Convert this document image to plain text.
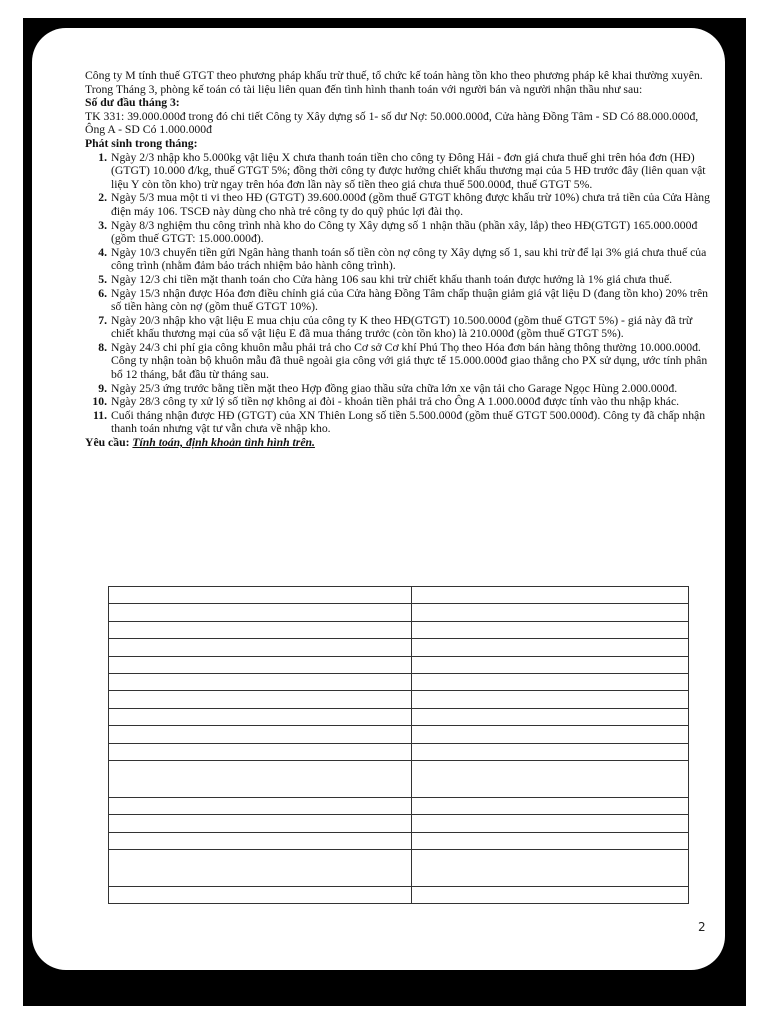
Công ty M tính thuế GTGT theo phương pháp khấu trừ thuế, tổ chức kế toán hàng tồn kho theo phương pháp kê khai thường xuyên.

Trong Tháng 3, phòng kế toán có tài liệu liên quan đến tình hình thanh toán với người bán và người nhận thầu như sau:

Số dư đầu tháng 3:

TK 331: 39.000.000đ trong đó chi tiết Công ty Xây dựng số 1- số dư Nợ: 50.000.000đ, Cửa hàng Đồng Tâm - SD Có 88.000.000đ, Ông A - SD Có 1.000.000đ

Phát sinh trong tháng:

1. Ngày 2/3 nhập kho 5.000kg vật liệu X chưa thanh toán tiền cho công ty Đông Hải - đơn giá chưa thuế ghi trên hóa đơn (HĐ) (GTGT) 10.000 đ/kg, thuế GTGT 5%; đồng thời công ty được hưởng chiết khấu thương mại của 5 HĐ trước đây (liên quan vật liệu Y còn tồn kho) trừ ngay trên hóa đơn lần này số tiền theo giá chưa thuế 500.000đ, thuế GTGT 5%.
2. Ngày 5/3 mua một ti vi theo HĐ (GTGT) 39.600.000đ (gồm thuế GTGT không được khấu trừ 10%) chưa trả tiền của Cửa Hàng điện máy 106. TSCĐ này dùng cho nhà trẻ công ty do quỹ phúc lợi đài thọ.
3. Ngày 8/3 nghiệm thu công trình nhà kho do Công ty Xây dựng số 1 nhận thầu (phần xây, lắp) theo HĐ(GTGT) 165.000.000đ (gồm thuế GTGT: 15.000.000đ).
4. Ngày 10/3 chuyển tiền gửi Ngân hàng thanh toán số tiền còn nợ công ty Xây dựng số 1, sau khi trừ để lại 3% giá chưa thuế của công trình (nhằm đảm bảo trách nhiệm bảo hành công trình).
5. Ngày 12/3 chi tiền mặt thanh toán cho Cửa hàng 106 sau khi trừ chiết khấu thanh toán được hưởng là 1% giá chưa thuế.
6. Ngày 15/3 nhận được Hóa đơn điều chỉnh giá của Cửa hàng Đồng Tâm chấp thuận giảm giá vật liệu D (đang tồn kho) 20% trên số tiền hàng còn nợ (gồm thuế GTGT 10%).
7. Ngày 20/3 nhập kho vật liệu E mua chịu của công ty K theo HĐ(GTGT) 10.500.000đ (gồm thuế GTGT 5%) - giá này đã trừ chiết khấu thương mại của số vật liệu E đã mua tháng trước (còn tồn kho) là 210.000đ (gồm thuế GTGT 5%).
8. Ngày 24/3 chi phí gia công khuôn mẫu phải trả cho Cơ sở Cơ khí Phú Thọ theo Hóa đơn bán hàng thông thường 10.000.000đ. Công ty nhận toàn bộ khuôn mẫu đã thuê ngoài gia công với giá thực tế 15.000.000đ giao thẳng cho PX sử dụng, ước tính phân bổ 12 tháng, bắt đầu từ tháng sau.
9. Ngày 25/3 ứng trước bằng tiền mặt theo Hợp đồng giao thầu sửa chữa lớn xe vận tải cho Garage Ngọc Hùng 2.000.000đ.
10. Ngày 28/3 công ty xử lý số tiền nợ không ai đòi - khoản tiền phải trả cho Ông A 1.000.000đ được tính vào thu nhập khác.
11. Cuối tháng nhận được HĐ (GTGT) của XN Thiên Long số tiền 5.500.000đ (gồm thuế GTGT 500.000đ). Công ty đã chấp nhận thanh toán nhưng vật tư vẫn chưa về nhập kho.

Yêu cầu: Tính toán, định khoản tình hình trên.

2
